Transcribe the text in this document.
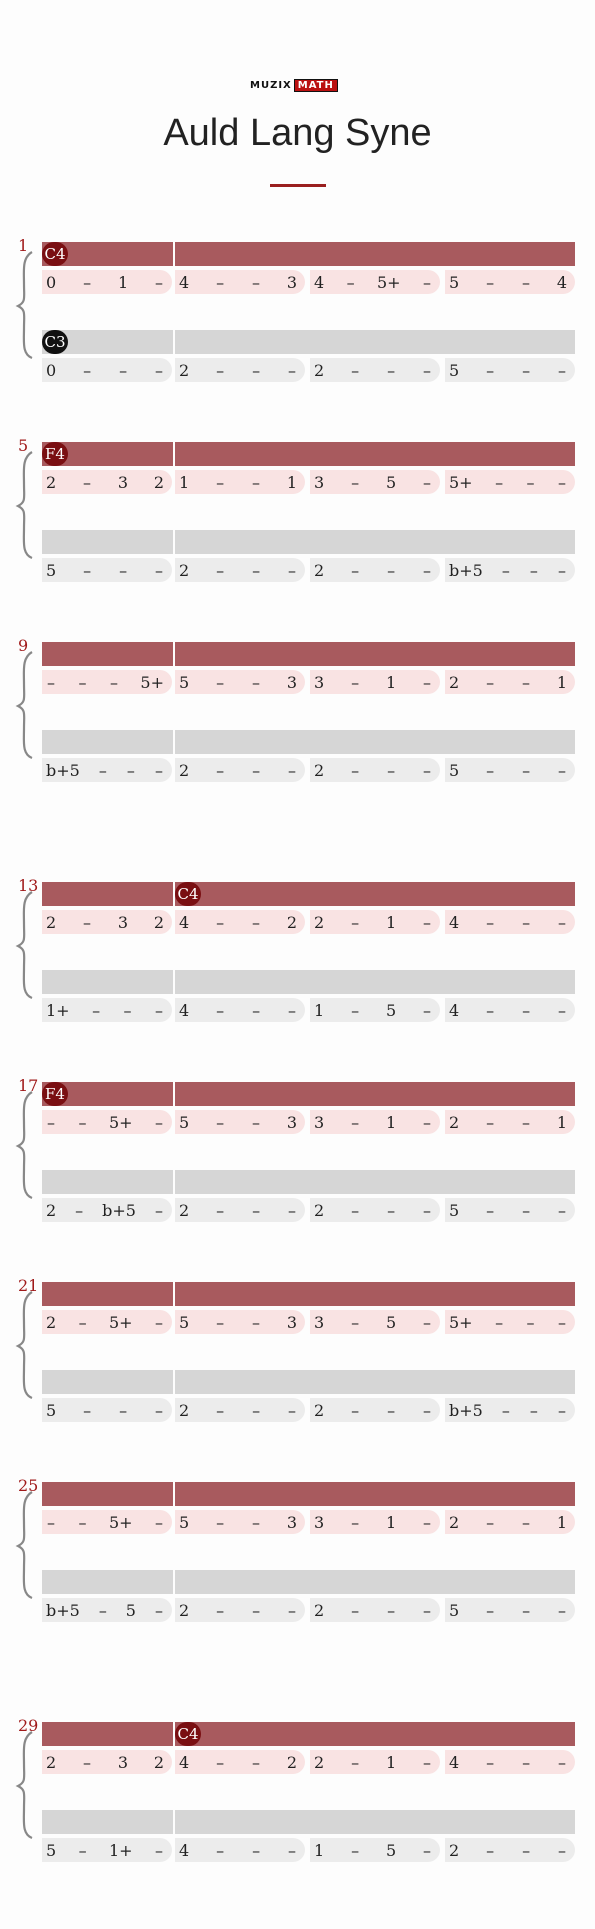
MUZIX MATH
Auld Lang Syne
1 C4
0 – 1 – 4 – – 3 4 – 5+ – 5 – – 4
C3
0 – – – 2 – – – 2 – – – 5 – – –
5 F4
2 – 3 2 1 – – 1 3 – 5 – 5+ – – –
5 – – – 2 – – – 2 – – – b+5 – – –
9
– – – 5+ 5 – – 3 3 – 1 – 2 – – 1
b+5 – – – 2 – – – 2 – – – 5 – – –
13	C4
2 – 3 2 4 – – 2 2 – 1 – 4 – – –
1+ – – – 4 – – – 1 – 5 – 4 – – –
17 F4
– – 5+ – 5 – – 3 3 – 1 – 2 – – 1
2 – b+5 – 2 – – – 2 – – – 5 – – –
21
2 – 5+ – 5 – – 3 3 – 5 – 5+ – – –
5 – – – 2 – – – 2 – – – b+5 – – –
25
– – 5+ – 5 – – 3 3 – 1 – 2 – – 1
b+5 – 5 – 2 – – – 2 – – – 5 – – –
29	C4
2 – 3 2 4 – – 2 2 – 1 – 4 – – –
5 – 1+ – 4 – – – 1 – 5 – 2 – – –
